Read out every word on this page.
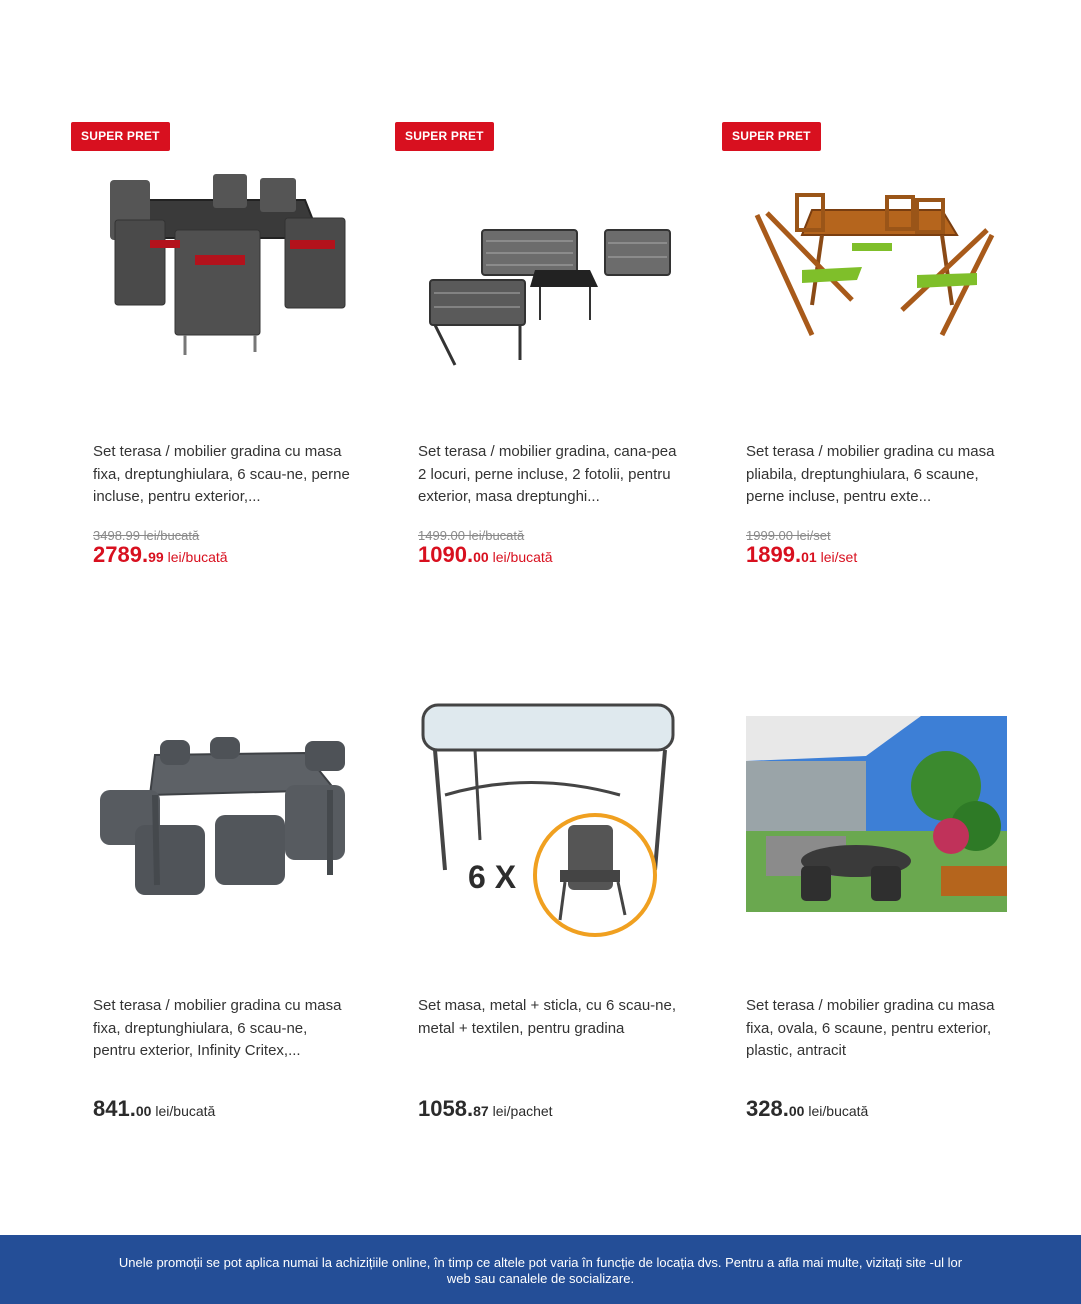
SUPER PRET
Set terasa / mobilier gradina cu masa fixa, dreptunghiulara, 6 scau-ne, perne incluse, pentru exterior,...
3498.99 lei/bucată
2789.99 lei/bucată
SUPER PRET
Set terasa / mobilier gradina, cana-pea 2 locuri, perne incluse, 2 fotolii, pentru exterior, masa dreptunghi...
1499.00 lei/bucată
1090.00 lei/bucată
SUPER PRET
Set terasa / mobilier gradina cu masa pliabila, dreptunghiulara, 6 scaune, perne incluse, pentru exte...
1999.00 lei/set
1899.01 lei/set
Set terasa / mobilier gradina cu masa fixa, dreptunghiulara, 6 scau-ne, pentru exterior, Infinity Critex,...
841.00 lei/bucată
6 X
Set masa, metal + sticla, cu 6 scau-ne, metal + textilen, pentru gradina
1058.87 lei/pachet
Set terasa / mobilier gradina cu masa fixa, ovala, 6 scaune, pentru exterior, plastic, antracit
328.00 lei/bucată
Unele promoții se pot aplica numai la achizițiile online, în timp ce altele pot varia în funcție de locația dvs. Pentru a afla mai multe, vizitați site -ul lor web sau canalele de socializare.
